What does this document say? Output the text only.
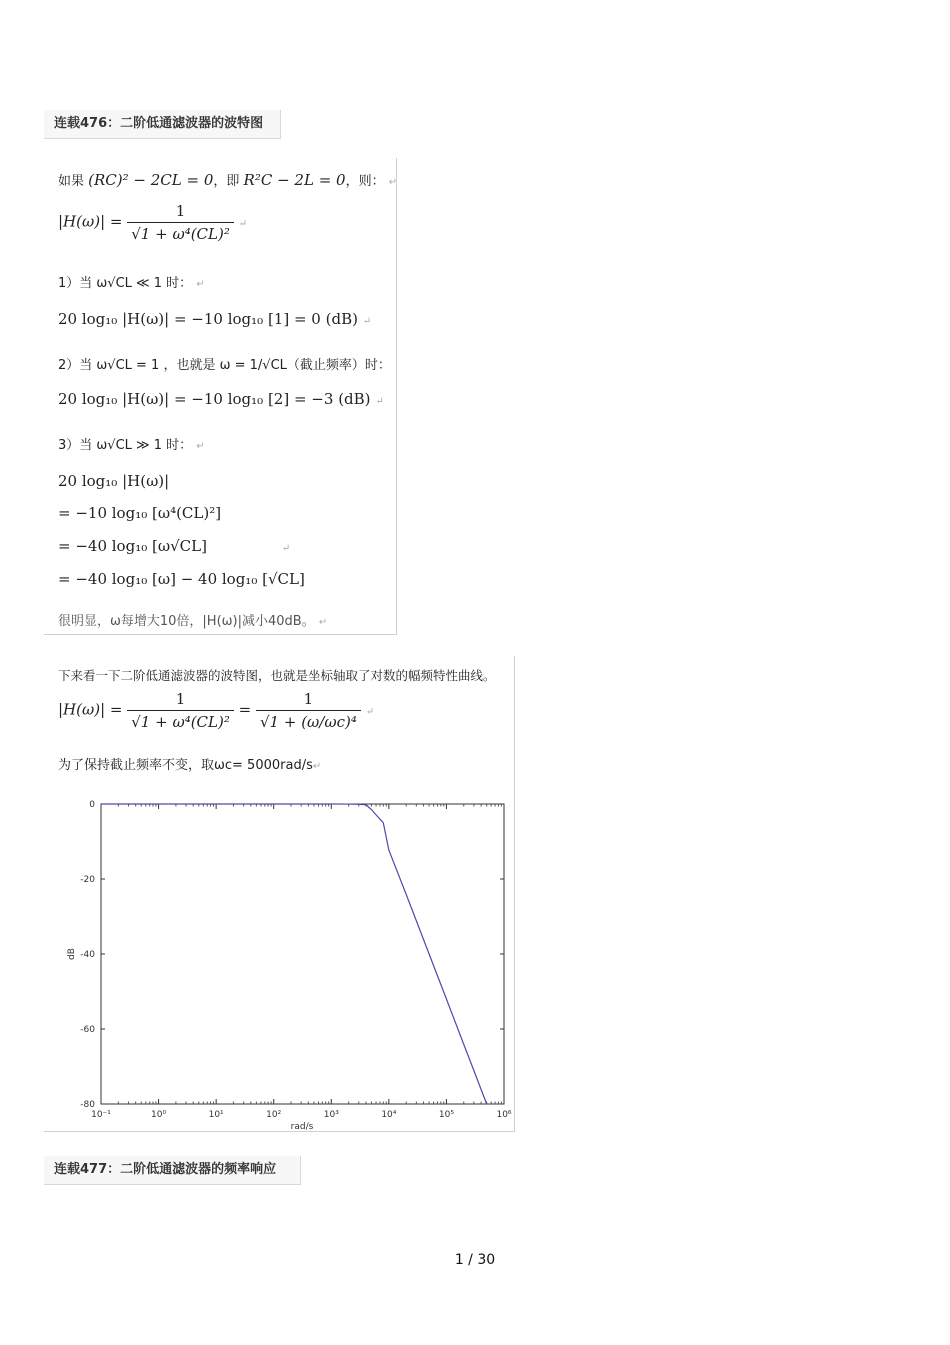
连载476：二阶低通滤波器的波特图
如果 (RC)² − 2CL = 0，即 R²C − 2L = 0，则： ↵
$|H(\omega)| = \frac{1}{\text{√1 + ω⁴(CL)²}}$ ↵
1）当 ω√CL ≪ 1 时： ↵
20 log₁₀ |H(ω)| = −10 log₁₀ [1] = 0 (dB) ↵
2）当 ω√CL = 1 ，也就是 ω = 1/√CL（截止频率）时：
20 log₁₀ |H(ω)| = −10 log₁₀ [2] = −3 (dB) ↵
3）当 ω√CL ≫ 1 时： ↵
20 log₁₀ |H(ω)|
= −10 log₁₀ [ω⁴(CL)²]
= −40 log₁₀ [ω√CL]	↵
= −40 log₁₀ [ω] − 40 log₁₀ [√CL]
很明显，ω每增大10倍，|H(ω)|减小40dB。 ↵
下来看一下二阶低通滤波器的波特图，也就是坐标轴取了对数的幅频特性曲线。
$|H(\omega)| = \frac{1}{\text{√1 + ω⁴(CL)²}} = \frac{1}{\text{√1 + (ω/ωc)⁴}}$ ↵
为了保持截止频率不变，取ωc= 5000rad/s↵
0
-20
-40
-60
-80
10⁻¹	10⁰	10¹	10²	10³	10⁴	10⁵	10⁶
dB
rad/s
连载477：二阶低通滤波器的频率响应
1 / 30
